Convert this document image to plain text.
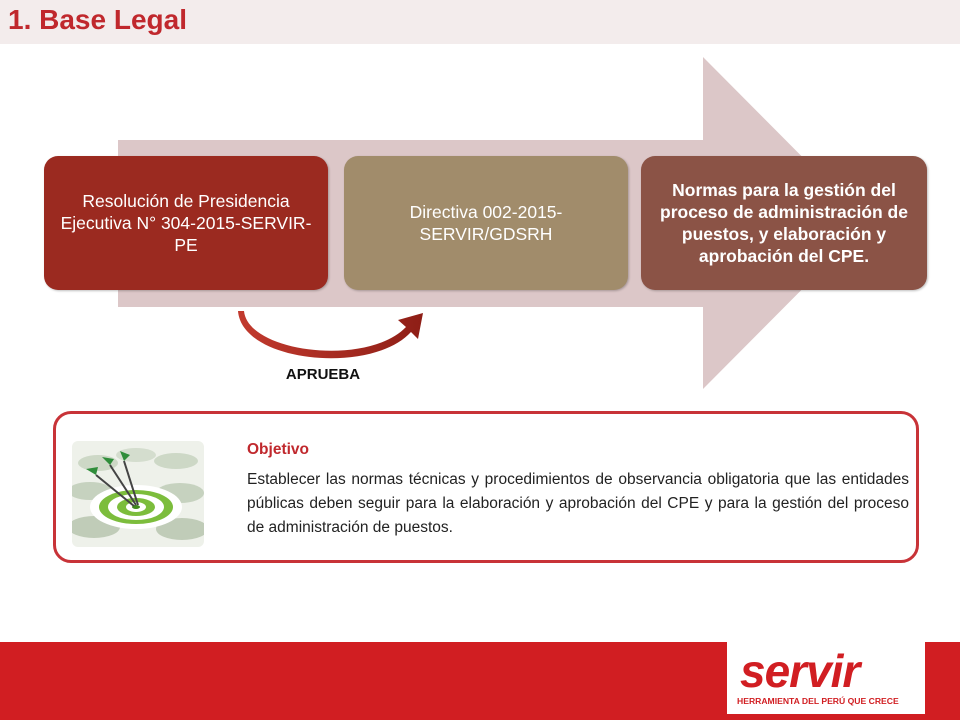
1. Base Legal
Resolución de Presidencia Ejecutiva N° 304-2015-SERVIR-PE
Directiva 002-2015-SERVIR/GDSRH
Normas para la gestión del proceso de administración de puestos, y elaboración y aprobación del CPE.
APRUEBA
Objetivo
Establecer las normas técnicas y procedimientos de observancia obligatoria que las entidades públicas deben seguir para la elaboración y aprobación del CPE y para la gestión del proceso de administración de puestos.
servir
HERRAMIENTA DEL PERÚ QUE CRECE
